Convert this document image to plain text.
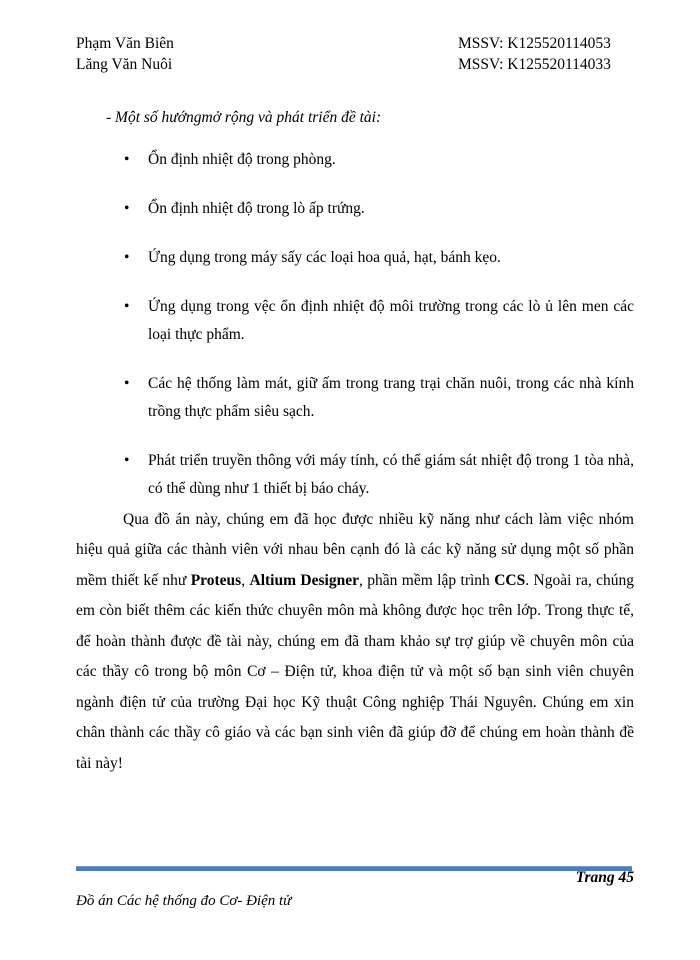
Phạm Văn Biên	MSSV: K125520114053
Lăng Văn Nuôi	MSSV: K125520114033
- Một số hướngmở rộng và phát triển đề tài:
• Ổn định nhiệt độ trong phòng.
• Ổn định nhiệt độ trong lò ấp trứng.
• Ứng dụng trong máy sấy các loại hoa quả, hạt, bánh kẹo.
• Ứng dụng trong vệc ổn định nhiệt độ môi trường trong các lò ủ lên men các loại thực phẩm.
• Các hệ thống làm mát, giữ ấm trong trang trại chăn nuôi, trong các nhà kính trồng thực phẩm siêu sạch.
• Phát triển truyền thông với máy tính, có thể giám sát nhiệt độ trong 1 tòa nhà, có thể dùng như 1 thiết bị báo cháy.

Qua đồ án này, chúng em đã học được nhiều kỹ năng như cách làm việc nhóm hiệu quả giữa các thành viên với nhau bên cạnh đó là các kỹ năng sử dụng một số phần mềm thiết kế như Proteus, Altium Designer, phần mềm lập trình CCS. Ngoài ra, chúng em còn biết thêm các kiến thức chuyên môn mà không được học trên lớp. Trong thực tế, để hoàn thành được đề tài này, chúng em đã tham khảo sự trợ giúp về chuyên môn của các thầy cô trong bộ môn Cơ – Điện tử, khoa điện tử và một số bạn sinh viên chuyên ngành điện tử của trường Đại học Kỹ thuật Công nghiệp Thái Nguyên. Chúng em xin chân thành các thầy cô giáo và các bạn sinh viên đã giúp đỡ để chúng em hoàn thành đề tài này!

Đồ án Các hệ thống đo Cơ- Điện tử
Trang 45
